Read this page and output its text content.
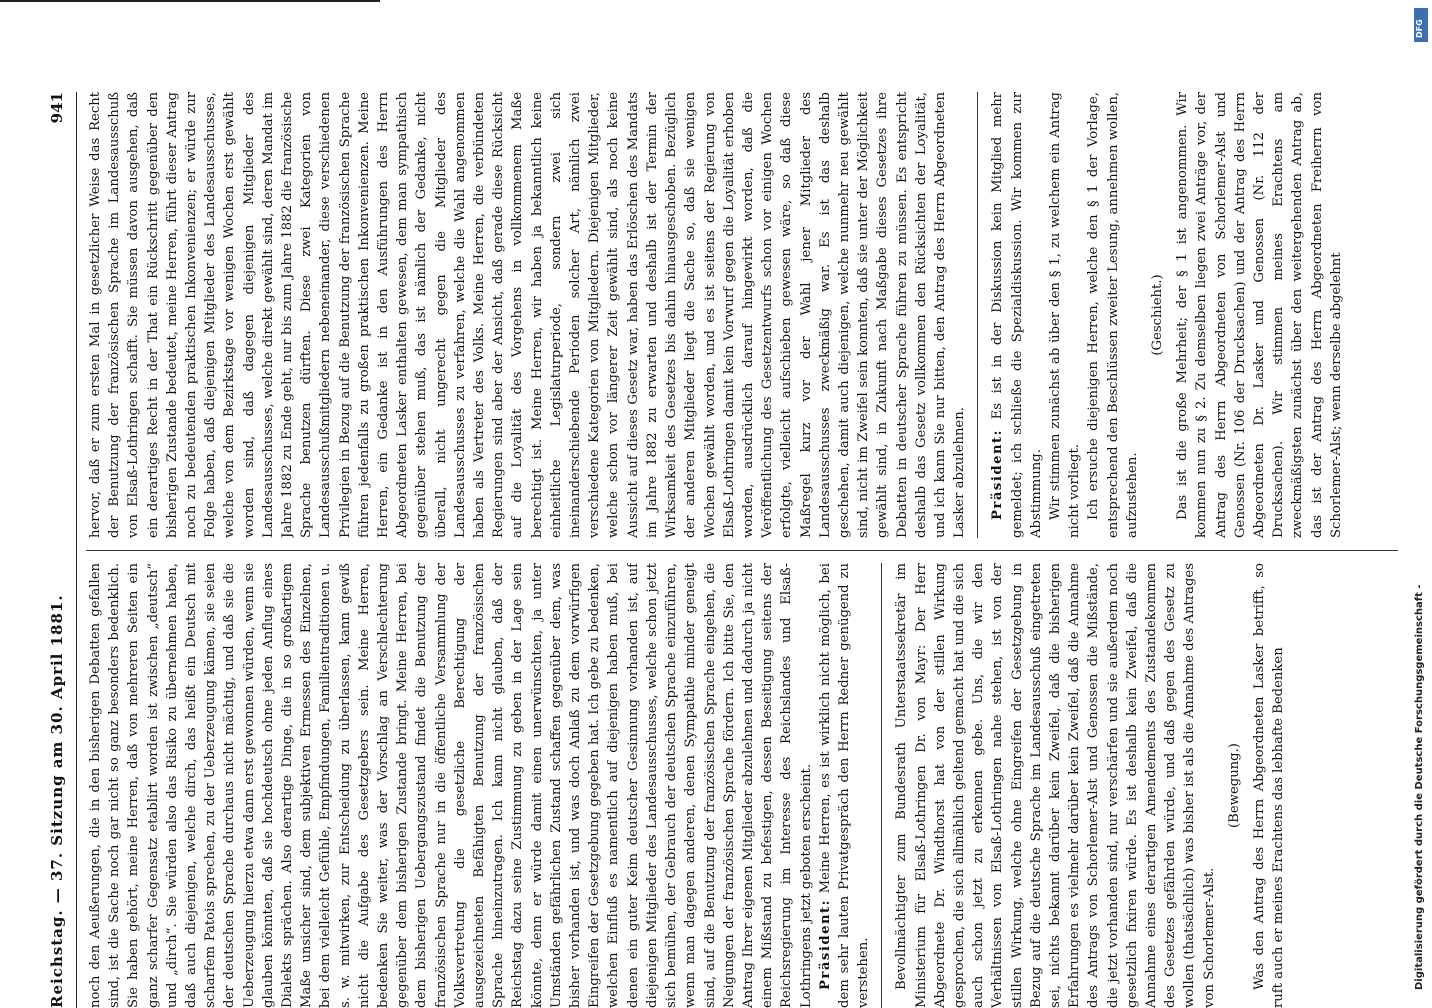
Reichstag. — 37. Sitzung am 30. April 1881.
941

noch den Aeußerungen, die in den bisherigen Debatten gefallen sind, ist die Sache noch gar nicht so ganz besonders bedenklich. Sie haben gehört, meine Herren, daß von mehreren Seiten ein ganz scharfer Gegensatz etablirt worden ist zwischen „deutsch“ und „dirch“. Sie würden also das Risiko zu übernehmen haben, daß auch diejenigen, welche dirch, das heißt ein Deutsch mit scharfem Patois sprechen, zu der Ueberzeugung kämen, sie seien der deutschen Sprache durchaus nicht mächtig, und daß sie die Ueberzeugung hierzu etwa dann erst gewonnen würden, wenn sie glauben könnten, daß sie hochdeutsch ohne jeden Anflug eines Dialekts sprächen. Also derartige Dinge, die in so großartigem Maße unsicher sind, dem subjektiven Ermessen des Einzelnen, bei dem vielleicht Gefühle, Empfindungen, Familientraditionen u. s. w. mitwirken, zur Entscheidung zu überlassen, kann gewiß nicht die Aufgabe des Gesetzgebers sein. Meine Herren, bedenken Sie weiter, was der Vorschlag an Verschlechterung gegenüber dem bisherigen Zustande bringt. Meine Herren, bei dem bisherigen Uebergangszustand findet die Benutzung der französischen Sprache nur in die öffentliche Versammlung der Volksvertretung die gesetzliche Berechtigung der ausgezeichneten Befähigten Benutzung der französischen Sprache hineinzutragen. Ich kann nicht glauben, daß der Reichstag dazu seine Zustimmung zu geben in der Lage sein könnte, denn er würde damit einen unerwünschten, ja unter Umständen gefährlichen Zustand schaffen gegenüber dem, was bisher vorhanden ist, und was doch Anlaß zu dem vorwürfigen Eingreifen der Gesetzgebung gegeben hat. Ich gebe zu bedenken, welchen Einfluß es namentlich auf diejenigen haben muß, bei denen ein guter Keim deutscher Gesinnung vorhanden ist, auf diejenigen Mitglieder des Landesausschusses, welche schon jetzt sich bemühen, der Gebrauch der deutschen Sprache einzuführen, wenn man dagegen anderen, denen Sympathie minder geneigt sind, auf die Benutzung der französischen Sprache eingehen, die Neigungen der französischen Sprache fördern. Ich bitte Sie, den Antrag Ihrer eigenen Mitglieder abzulehnen und dadurch ja nicht einem Mißstand zu befestigen, dessen Beseitigung seitens der Reichsregierung im Interesse des Reichslandes und Elsaß-Lothringens jetzt geboten erscheint. Präsident: Meine Herren, es ist wirklich nicht möglich, bei dem sehr lauten Privatgespräch den Herrn Redner genügend zu verstehen. Bevollmächtigter zum Bundesrath Unterstaatssekretär im Ministerium für Elsaß-Lothringen Dr. von Mayr: Der Herr Abgeordnete Dr. Windthorst hat von der stillen Wirkung gesprochen, die sich allmählich geltend gemacht hat und die sich auch schon jetzt zu erkennen gebe. Uns, die wir den Verhältnissen von Elsaß-Lothringen nahe stehen, ist von der stillen Wirkung, welche ohne Eingreifen der Gesetzgebung in Bezug auf die deutsche Sprache im Landesausschuß eingetreten sei, nichts bekannt darüber kein Zweifel, daß die bisherigen Erfahrungen es vielmehr darüber kein Zweifel, daß die Annahme des Antrags von Schorlemer-Alst und Genossen die Mißstände, die jetzt vorhanden sind, nur verschärfen und sie außerdem noch gesetzlich fixiren würde. Es ist deshalb kein Zweifel, daß die Annahme eines derartigen Amendements des Zustandekommen des Gesetzes gefährden würde, und daß gegen des Gesetz zu wollen (thatsächlich) was bisher ist als die Annahme des Antrages von Schorlemer-Alst.

(Bewegung.) Was den Antrag des Herrn Abgeordneten Lasker betrifft, so ruft auch er meines Erachtens das lebhafte Bedenken

hervor, daß er zum ersten Mal in gesetzlicher Weise das Recht der Benutzung der französischen Sprache im Landesausschuß von Elsaß-Lothringen schafft. Sie müssen davon ausgehen, daß ein derartiges Recht in der That ein Rückschritt gegenüber den bisherigen Zustande bedeutet, meine Herren, führt dieser Antrag noch zu bedeutenden praktischen Inkonvenienzen; er würde zur Folge haben, daß diejenigen Mitglieder des Landesausschusses, welche von dem Bezirkstage vor wenigen Wochen erst gewählt worden sind, daß dagegen diejenigen Mitglieder des Landesausschusses, welche direkt gewählt sind, deren Mandat im Jahre 1882 zu Ende geht, nur bis zum Jahre 1882 die französische Sprache benutzen dürften. Diese zwei Kategorien von Landesausschußmitgliedern nebeneinander, diese verschiedenen Privilegien in Bezug auf die Benutzung der französischen Sprache führen jedenfalls zu großen praktischen Inkonvenienzen. Meine Herren, ein Gedanke ist in den Ausführungen des Herrn Abgeordneten Lasker enthalten gewesen, dem man sympathisch gegenüber stehen muß, das ist nämlich der Gedanke, nicht überall, nicht ungerecht gegen die Mitglieder des Landesausschusses zu verfahren, welche die Wahl angenommen haben als Vertreter des Volks. Meine Herren, die verbündeten Regierungen sind aber der Ansicht, daß gerade diese Rücksicht auf die Loyalität des Vorgehens in vollkommenem Maße berechtigt ist. Meine Herren, wir haben ja bekanntlich keine einheitliche Legislaturperiode, sondern zwei sich ineinanderschiebende Perioden solcher Art, nämlich zwei verschiedene Kategorien von Mitgliedern. Diejenigen Mitglieder, welche schon vor längerer Zeit gewählt sind, als noch keine Aussicht auf dieses Gesetz war, haben das Erlöschen des Mandats im Jahre 1882 zu erwarten und deshalb ist der Termin der Wirksamkeit des Gesetzes bis dahin hinausgeschoben. Bezüglich der anderen Mitglieder liegt die Sache so, daß sie wenigen Wochen gewählt worden, und es ist seitens der Regierung von Elsaß-Lothringen damit kein Vorwurf gegen die Loyalität erhoben worden, ausdrücklich darauf hingewirkt worden, daß die Veröffentlichung des Gesetzentwurfs schon vor einigen Wochen erfolgte, vielleicht aufschieben gewesen wäre, so daß diese Maßregel kurz vor der Wahl jener Mitglieder des Landesausschusses zweckmäßig war. Es ist das deshalb geschehen, damit auch diejenigen, welche nunmehr neu gewählt sind, nicht im Zweifel sein konnten, daß sie unter der Möglichkeit gewählt sind, in Zukunft nach Maßgabe dieses Gesetzes ihre Debatten in deutscher Sprache führen zu müssen. Es entspricht deshalb das Gesetz vollkommen den Rücksichten der Loyalität, und ich kann Sie nur bitten, den Antrag des Herrn Abgeordneten Lasker abzulehnen. Präsident: Es ist in der Diskussion kein Mitglied mehr gemeldet; ich schließe die Spezialdiskussion. Wir kommen zur Abstimmung. Wir stimmen zunächst ab über den § 1, zu welchem ein Antrag nicht vorliegt. Ich ersuche diejenigen Herren, welche den § 1 der Vorlage, entsprechend den Beschlüssen zweiter Lesung, annehmen wollen, aufzustehen.

(Geschieht.) Das ist die große Mehrheit; der § 1 ist angenommen. Wir kommen nun zu § 2. Zu demselben liegen zwei Anträge vor, der Antrag des Herrn Abgeordneten von Schorlemer-Alst und Genossen (Nr. 106 der Drucksachen) und der Antrag des Herrn Abgeordneten Dr. Lasker und Genossen (Nr. 112 der Drucksachen). Wir stimmen meines Erachtens am zweckmäßigsten zunächst über den weitergehenden Antrag ab, das ist der Antrag des Herrn Abgeordneten Freiherrn von Schorlemer-Alst; wenn derselbe abgelehnt

DFG
Digitalisierung gefördert durch die Deutsche Forschungsgemeinschaft -
